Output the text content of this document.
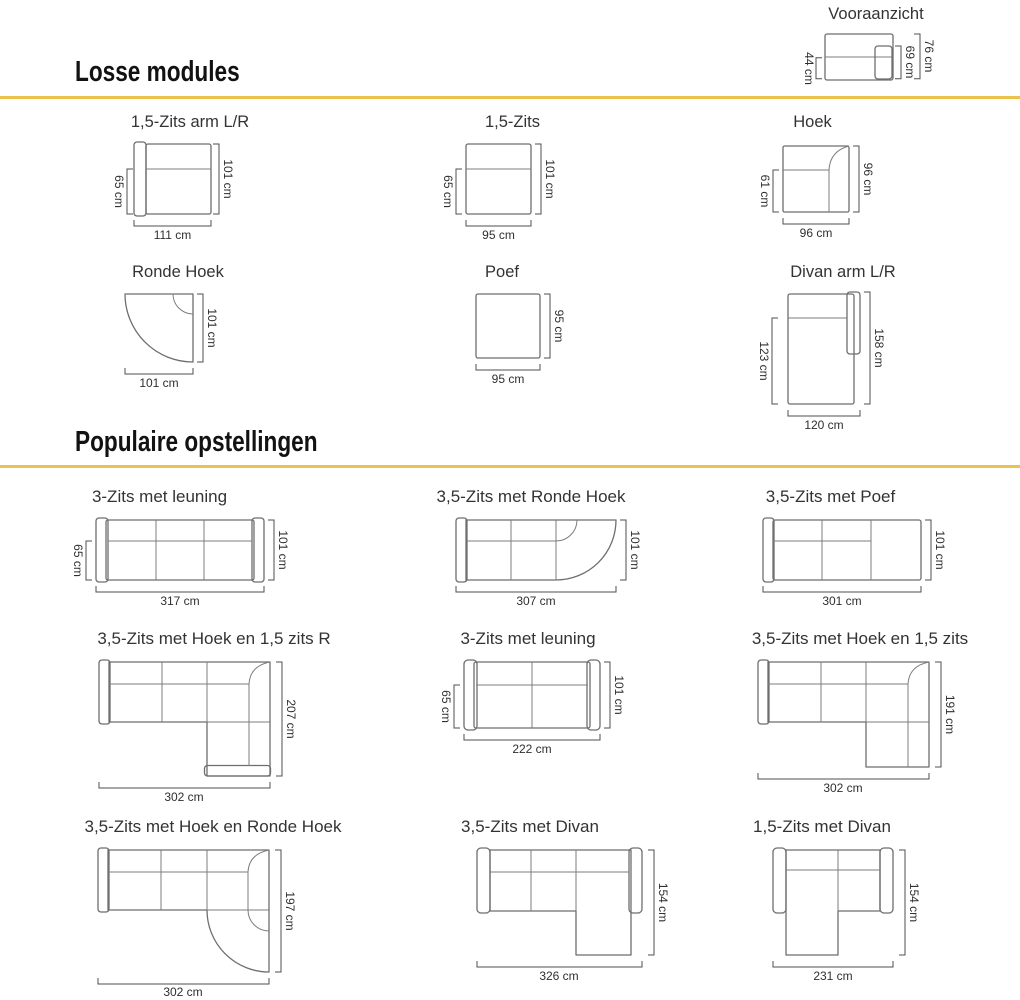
Vooraanzicht
44 cm	69 cm 76 cm
Losse modules
1,5-Zits arm L/R
65 cm	101 cm
111 cm
1,5-Zits
65 cm	101 cm
95 cm
Hoek
61 cm	96 cm
96 cm
Ronde Hoek
101 cm
101 cm
Poef
95 cm
95 cm
Divan arm L/R
123 cm	158 cm
120 cm
Populaire opstellingen
3-Zits met leuning
65 cm	101 cm
317 cm
3,5-Zits met Ronde Hoek
101 cm
307 cm
3,5-Zits met Poef
101 cm
301 cm
3,5-Zits met Hoek en 1,5 zits R
207 cm
302 cm
3-Zits met leuning
65 cm	101 cm
222 cm
3,5-Zits met Hoek en 1,5 zits
191 cm
302 cm
3,5-Zits met Hoek en Ronde Hoek
197 cm
302 cm
3,5-Zits met Divan
154 cm
326 cm
1,5-Zits met Divan
154 cm
231 cm
